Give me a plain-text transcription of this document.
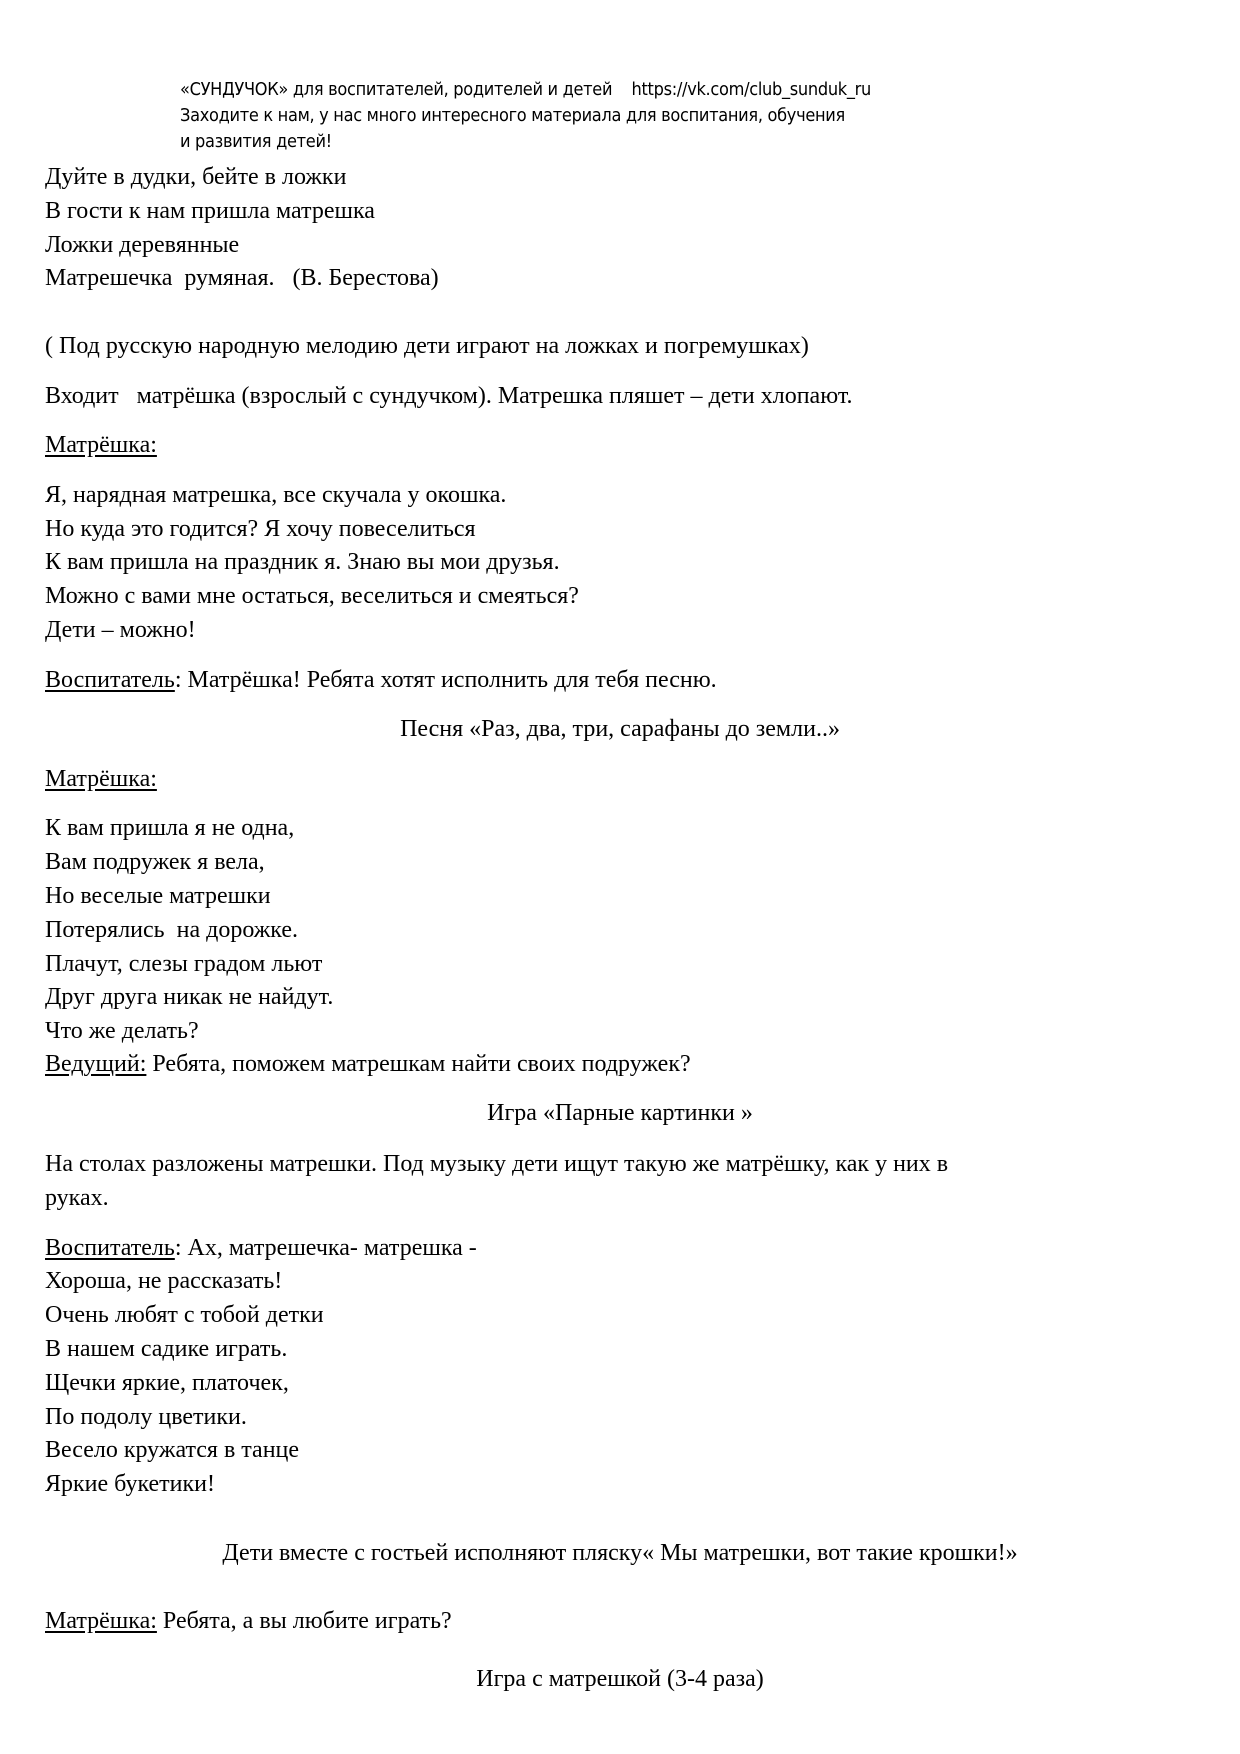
«СУНДУЧОК» для воспитателей, родителей и детей    https://vk.com/club_sunduk_ru
Заходите к нам, у нас много интересного материала для воспитания, обучения
и развития детей!
Дуйте в дудки, бейте в ложки
В гости к нам пришла матрешка
Ложки деревянные
Матрешечка  румяная.   (В. Берестова)
( Под русскую народную мелодию дети играют на ложках и погремушках)
Входит   матрёшка (взрослый с сундучком). Матрешка пляшет – дети хлопают.
Матрёшка:
Я, нарядная матрешка, все скучала у окошка.
Но куда это годится? Я хочу повеселиться
К вам пришла на праздник я. Знаю вы мои друзья.
Можно с вами мне остаться, веселиться и смеяться?
Дети – можно!
Воспитатель: Матрёшка! Ребята хотят исполнить для тебя песню.
Песня «Раз, два, три, сарафаны до земли..»
Матрёшка:
К вам пришла я не одна,
Вам подружек я вела,
Но веселые матрешки
Потерялись  на дорожке.
Плачут, слезы градом льют
Друг друга никак не найдут.
Что же делать?
Ведущий: Ребята, поможем матрешкам найти своих подружек?
Игра «Парные картинки »
На столах разложены матрешки. Под музыку дети ищут такую же матрёшку, как у них в
руках.
Воспитатель: Ах, матрешечка- матрешка -
Хороша, не рассказать!
Очень любят с тобой детки
В нашем садике играть.
Щечки яркие, платочек,
По подолу цветики.
Весело кружатся в танце
Яркие букетики!
Дети вместе с гостьей исполняют пляску« Мы матрешки, вот такие крошки!»
Матрёшка: Ребята, а вы любите играть?
Игра с матрешкой (3-4 раза)
